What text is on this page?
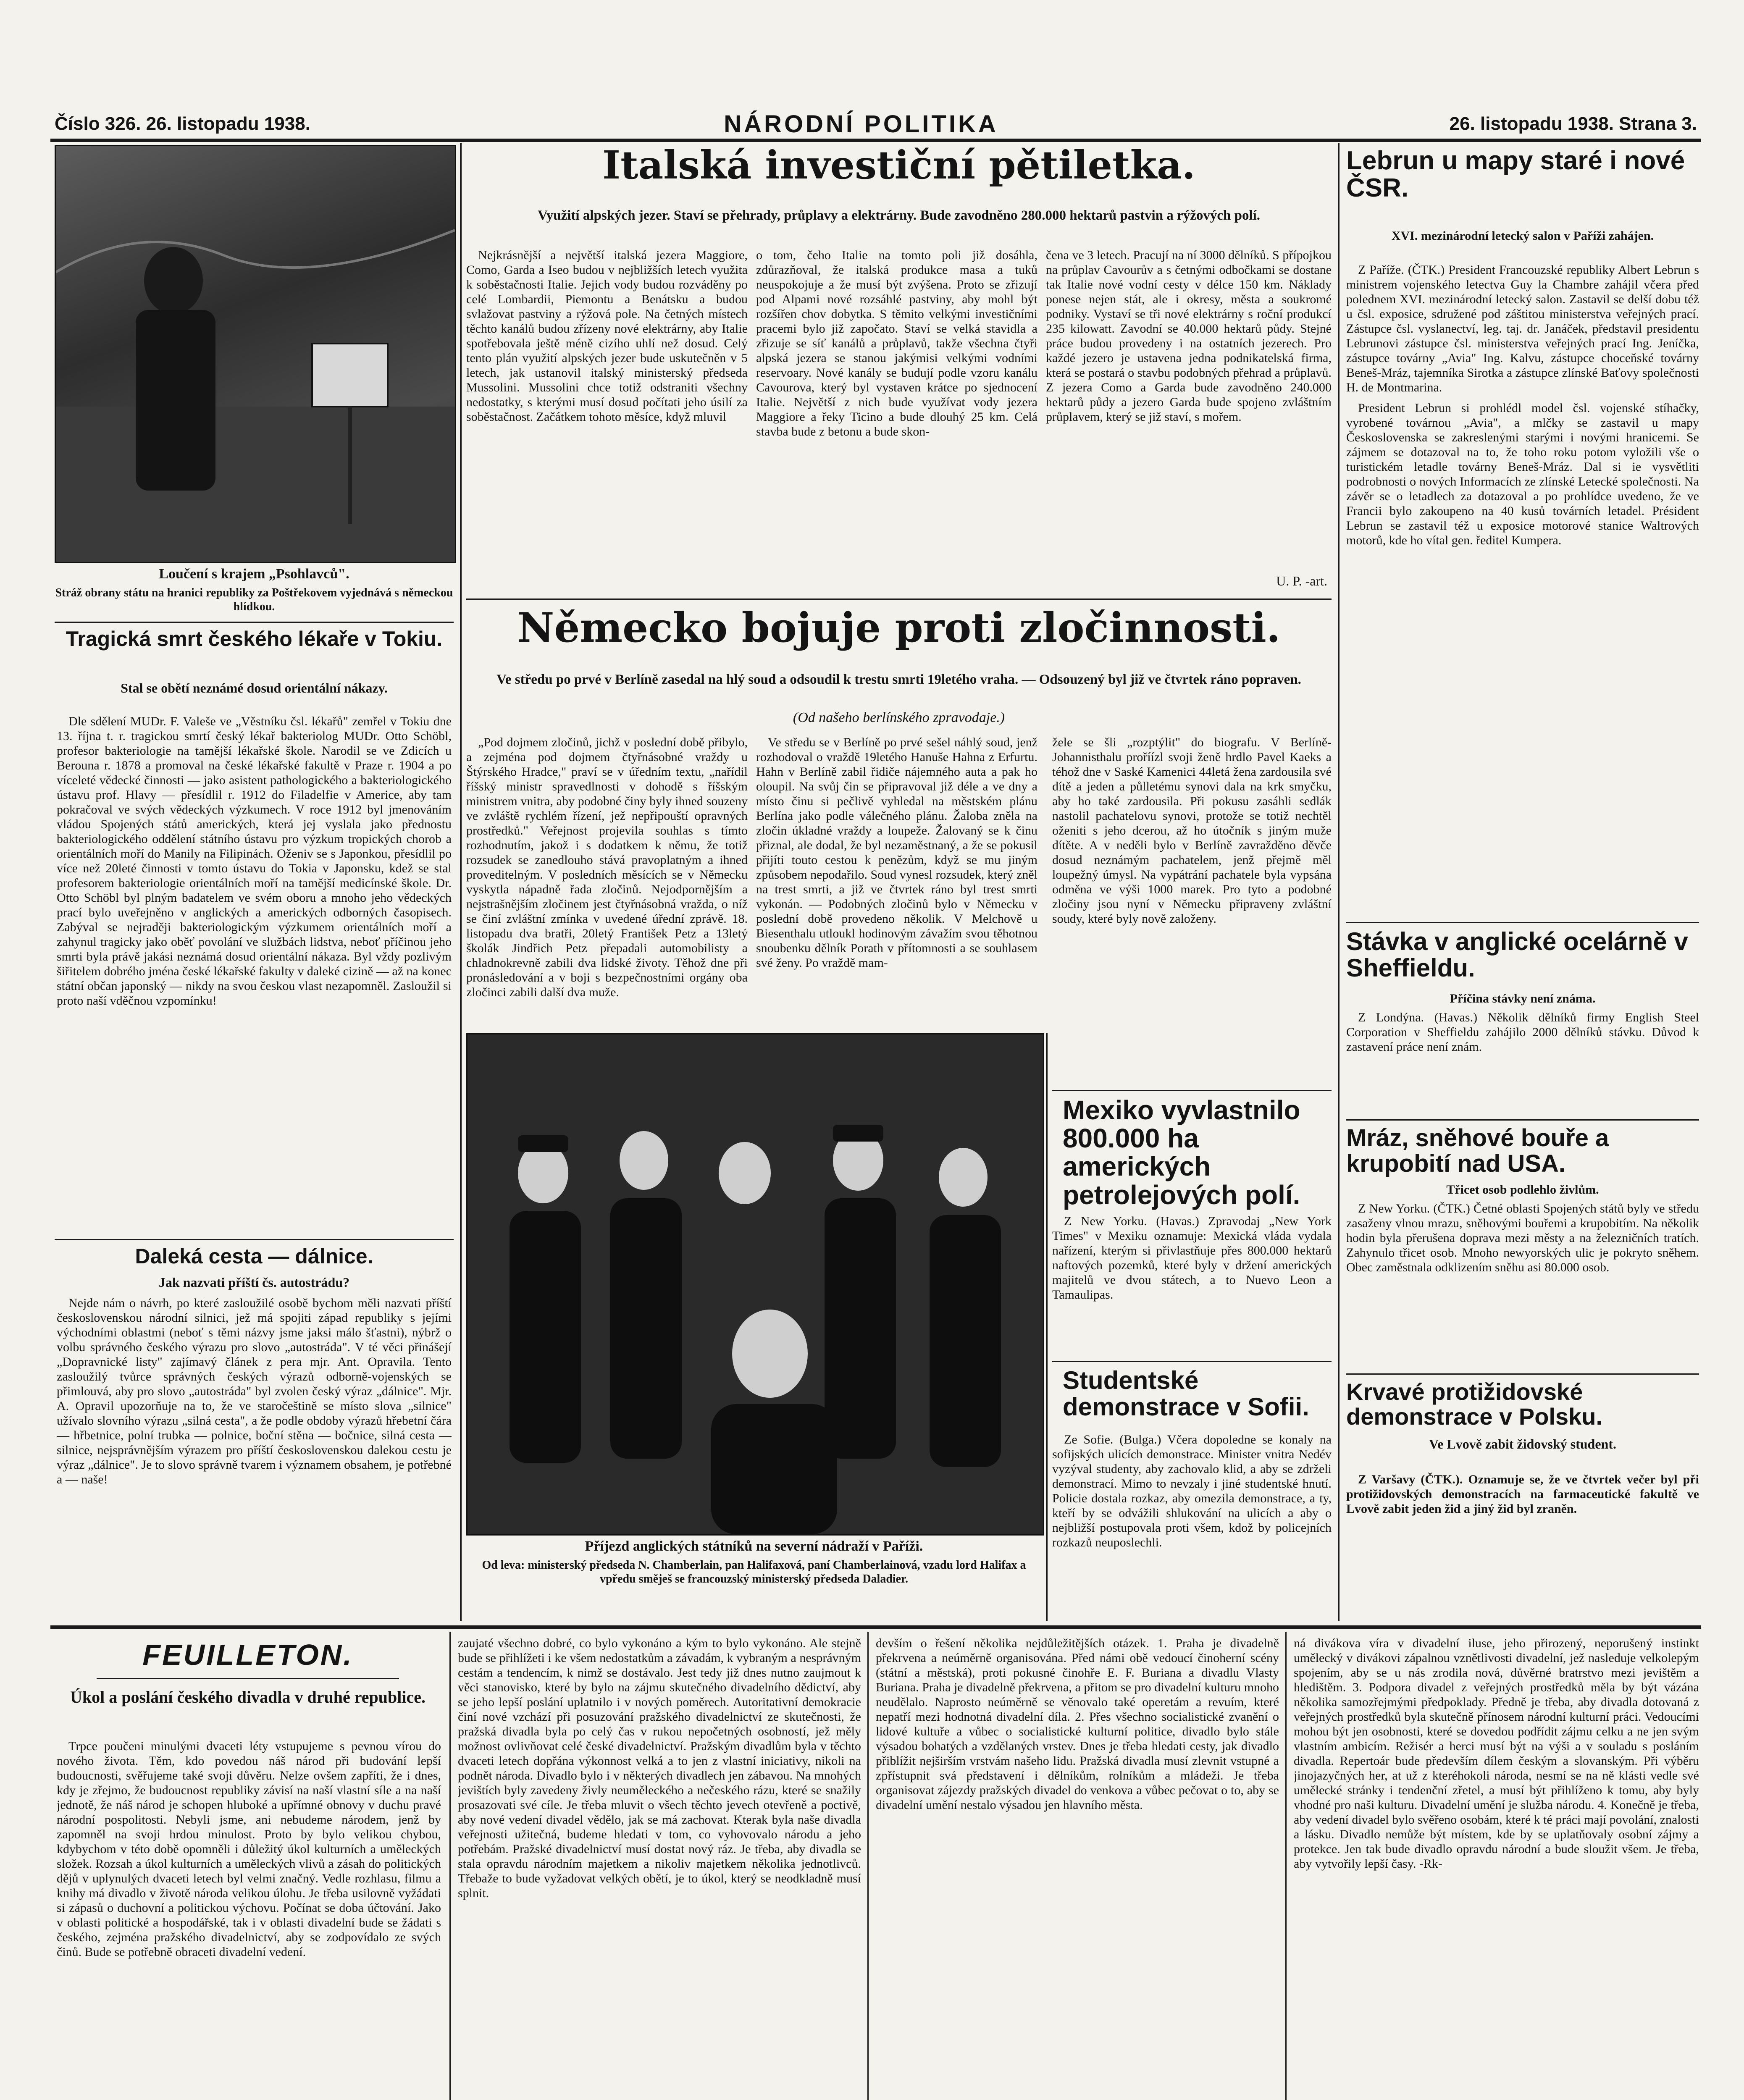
Číslo 326. 26. listopadu 1938.	NÁRODNÍ POLITIKA	26. listopadu 1938. Strana 3.

Loučení s krajem „Psohlavců".

Stráž obrany státu na hranici republiky za Poštřekovem vyjednává s německou hlídkou.

Tragická smrt českého lékaře v Tokiu.

Stal se obětí neznámé dosud orientální nákazy.

Dle sdělení MUDr. F. Valeše ve „Věstníku čsl. lékařů" zemřel v Tokiu dne 13. října t. r. tragickou smrtí český lékař bakteriolog MUDr. Otto Schöbl, profesor bakteriologie na tamější lékařské škole. Narodil se ve Zdicích u Berouna r. 1878 a promoval na české lékařské fakultě v Praze r. 1904 a po víceleté vědecké činnosti — jako asistent pathologického a bakteriologického ústavu prof. Hlavy — přesídlil r. 1912 do Filadelfie v Americe, aby tam pokračoval ve svých vědeckých výzkumech. V roce 1912 byl jmenováním vládou Spojených států amerických, která jej vyslala jako přednostu bakteriologického oddělení státního ústavu pro výzkum tropických chorob a orientálních moří do Manily na Filipinách. Oženiv se s Japonkou, přesídlil po více než 20leté činnosti v tomto ústavu do Tokia v Japonsku, kdež se stal profesorem bakteriologie orientálních moří na tamější medicínské škole. Dr. Otto Schöbl byl plným badatelem ve svém oboru a mnoho jeho vědeckých prací bylo uveřejněno v anglických a amerických odborných časopisech. Zabýval se nejraději bakteriologickým výzkumem orientálních moří a zahynul tragicky jako oběť povolání ve službách lidstva, neboť příčinou jeho smrti byla právě jakási neznámá dosud orientální nákaza. Byl vždy pozlivým šiřitelem dobrého jména české lékařské fakulty v daleké cizině — až na konec státní občan japonský — nikdy na svou českou vlast nezapomněl. Zasloužil si proto naší vděčnou vzpomínku!

Daleká cesta — dálnice.

Jak nazvati příští čs. autostrádu?

Nejde nám o návrh, po které zasloužilé osobě bychom měli nazvati příští československou národní silnici, jež má spojiti západ republiky s jejími východními oblastmi (neboť s těmi názvy jsme jaksi málo šťastni), nýbrž o volbu správného českého výrazu pro slovo „autostráda". V té věci přinášejí „Dopravnické listy" zajímavý článek z pera mjr. Ant. Opravila. Tento zasloužilý tvůrce správných českých výrazů odborně-vojenských se přimlouvá, aby pro slovo „autostráda" byl zvolen český výraz „dálnice". Mjr. A. Opravil upozorňuje na to, že ve staročeštině se místo slova „silnice" užívalo slovního výrazu „silná cesta", a že podle obdoby výrazů hřebetní čára — hřbetnice, polní trubka — polnice, boční stěna — bočnice, silná cesta — silnice, nejsprávnějším výrazem pro příští československou dalekou cestu je výraz „dálnice". Je to slovo správně tvarem i významem obsahem, je potřebné a — naše!

Italská investiční pětiletka.

Využití alpských jezer. Staví se přehrady, průplavy a elektrárny. Bude zavodněno 280.000 hektarů pastvin a rýžových polí.

Nejkrásnější a největší italská jezera Maggiore, Como, Garda a Iseo budou v nejbližších letech využita k soběstačnosti Italie. Jejich vody budou rozváděny po celé Lombardii, Piemontu a Benátsku a budou svlažovat pastviny a rýžová pole. Na četných místech těchto kanálů budou zřízeny nové elektrárny, aby Italie spotřebovala ještě méně cizího uhlí než dosud. Celý tento plán využití alpských jezer bude uskutečněn v 5 letech, jak ustanovil italský ministerský předseda Mussolini. Mussolini chce totiž odstraniti všechny nedostatky, s kterými musí dosud počítati jeho úsilí za soběstačnost. Začátkem tohoto měsíce, když mluvil

o tom, čeho Italie na tomto poli již dosáhla, zdůrazňoval, že italská produkce masa a tuků neuspokojuje a že musí být zvýšena. Proto se zřizují pod Alpami nové rozsáhlé pastviny, aby mohl být rozšířen chov dobytka. S těmito velkými investičními pracemi bylo již započato. Staví se velká stavidla a zřizuje se síť kanálů a průplavů, takže všechna čtyři alpská jezera se stanou jakýmisi velkými vodními reservoary. Nové kanály se budují podle vzoru kanálu Cavourova, který byl vystaven krátce po sjednocení Italie. Největší z nich bude využívat vody jezera Maggiore a řeky Ticino a bude dlouhý 25 km. Celá stavba bude z betonu a bude skon-

čena ve 3 letech. Pracují na ní 3000 dělníků. S přípojkou na průplav Cavourův a s četnými odbočkami se dostane tak Italie nové vodní cesty v délce 150 km. Náklady ponese nejen stát, ale i okresy, města a soukromé podniky. Vystaví se tři nové elektrárny s roční produkcí 235 kilowatt. Zavodní se 40.000 hektarů půdy. Stejné práce budou provedeny i na ostatních jezerech. Pro každé jezero je ustavena jedna podnikatelská firma, která se postará o stavbu podobných přehrad a průplavů. Z jezera Como a Garda bude zavodněno 240.000 hektarů půdy a jezero Garda bude spojeno zvláštním průplavem, který se již staví, s mořem.

U. P. -art.
Německo bojuje proti zločinnosti.

Ve středu po prvé v Berlíně zasedal na hlý soud a odsoudil k trestu smrti 19letého vraha. — Odsouzený byl již ve čtvrtek ráno popraven.

(Od našeho berlínského zpravodaje.)

„Pod dojmem zločinů, jichž v poslední době přibylo, a zejména pod dojmem čtyřnásobné vraždy u Štýrského Hradce," praví se v úředním textu, „nařídil říšský ministr spravedlnosti v dohodě s říšským ministrem vnitra, aby podobné činy byly ihned souzeny ve zvláště rychlém řízení, jež nepřipouští opravných prostředků." Veřejnost projevila souhlas s tímto rozhodnutím, jakož i s dodatkem k němu, že totiž rozsudek se zanedlouho stává pravoplatným a ihned proveditelným. V posledních měsících se v Německu vyskytla nápadně řada zločinů. Nejodpornějším a nejstrašnějším zločinem jest čtyřnásobná vražda, o níž se činí zvláštní zmínka v uvedené úřední zprávě. 18. listopadu dva bratři, 20letý František Petz a 13letý školák Jindřich Petz přepadali automobilisty a chladnokrevně zabili dva lidské životy. Těhož dne při pronásledování a v boji s bezpečnostními orgány oba zločinci zabili další dva muže.

Ve středu se v Berlíně po prvé sešel náhlý soud, jenž rozhodoval o vraždě 19letého Hanuše Hahna z Erfurtu. Hahn v Berlíně zabil řidiče nájemného auta a pak ho oloupil. Na svůj čin se připravoval již déle a ve dny a místo činu si pečlivě vyhledal na městském plánu Berlína jako podle válečného plánu. Žaloba zněla na zločin úkladné vraždy a loupeže. Žalovaný se k činu přiznal, ale dodal, že byl nezaměstnaný, a že se pokusil přijíti touto cestou k penězům, když se mu jiným způsobem nepodařilo. Soud vynesl rozsudek, který zněl na trest smrti, a již ve čtvrtek ráno byl trest smrti vykonán. — Podobných zločinů bylo v Německu v poslední době provedeno několik. V Melchově u Biesenthalu utloukl hodinovým závažím svou těhotnou snoubenku dělník Porath v přítomnosti a se souhlasem své ženy. Po vraždě mam-

žele se šli „rozptýlit" do biografu. V Berlíně-Johannisthalu proříízl svoji ženě hrdlo Pavel Kaeks a téhož dne v Saské Kamenici 44letá žena zardousila své dítě a jeden a půlletému synovi dala na krk smyčku, aby ho také zardousila. Při pokusu zasáhli sedlák nastolil pachatelovu synovi, protože se totiž nechtěl oženiti s jeho dcerou, až ho útočník s jiným muže dítěte. A v neděli bylo v Berlíně zavražděno děvče dosud neznámým pachatelem, jenž přejmě měl loupežný úmysl. Na vypátrání pachatele byla vypsána odměna ve výši 1000 marek. Pro tyto a podobné zločiny jsou nyní v Německu připraveny zvláštní soudy, které byly nově založeny.

Příjezd anglických státníků na severní nádraží v Paříži.

Od leva: ministerský předseda N. Chamberlain, pan Halifaxová, paní Chamberlainová, vzadu lord Halifax a vpředu směješ se francouzský ministerský předseda Daladier.

Mexiko vyvlastnilo 800.000 ha amerických petrolejových polí.

Z New Yorku. (Havas.) Zpravodaj „New York Times" v Mexiku oznamuje: Mexická vláda vydala nařízení, kterým si přivlastňuje přes 800.000 hektarů naftových pozemků, které byly v držení amerických majitelů ve dvou státech, a to Nuevo Leon a Tamaulipas.

Studentské demonstrace v Sofii.

Ze Sofie. (Bulga.) Včera dopoledne se konaly na sofijských ulicích demonstrace. Minister vnitra Nedév vyzýval studenty, aby zachovalo klid, a aby se zdrželi demonstrací. Mimo to nevzaly i jiné studentské hnutí. Policie dostala rozkaz, aby omezila demonstrace, a ty, kteří by se odvážili shlukování na ulicích a aby o nejbližší postupovala proti všem, kdož by policejních rozkazů neuposlechli.

Lebrun u mapy staré i nové ČSR.

XVI. mezinárodní letecký salon v Paříži zahájen.

Z Paříže. (ČTK.) President Francouzské republiky Albert Lebrun s ministrem vojenského letectva Guy la Chambre zahájil včera před polednem XVI. mezinárodní letecký salon. Zastavil se delší dobu též u čsl. exposice, sdružené pod záštitou ministerstva veřejných prací. Zástupce čsl. vyslanectví, leg. taj. dr. Janáček, představil presidentu Lebrunovi zástupce čsl. ministerstva veřejných prací Ing. Jeníčka, zástupce továrny „Avia" Ing. Kalvu, zástupce choceňské továrny Beneš-Mráz, tajemníka Sirotka a zástupce zlínské Baťovy společnosti H. de Montmarina.

President Lebrun si prohlédl model čsl. vojenské stíhačky, vyrobené továrnou „Avia", a mlčky se zastavil u mapy Československa se zakreslenými starými i novými hranicemi. Se zájmem se dotazoval na to, že toho roku potom vyložili vše o turistickém letadle továrny Beneš-Mráz. Dal si ie vysvětliti podrobnosti o nových Informacích ze zlínské Letecké společnosti. Na závěr se o letadlech za dotazoval a po prohlídce uvedeno, že ve Francii bylo zakoupeno na 40 kusů továrních letadel. Président Lebrun se zastavil též u exposice motorové stanice Waltrových motorů, kde ho vítal gen. ředitel Kumpera.

Stávka v anglické ocelárně v Sheffieldu.

Příčina stávky není známa.

Z Londýna. (Havas.) Několik dělníků firmy English Steel Corporation v Sheffieldu zahájilo 2000 dělníků stávku. Důvod k zastavení práce není znám.

Mráz, sněhové bouře a krupobití nad USA.

Třicet osob podlehlo živlům.

Z New Yorku. (ČTK.) Četné oblasti Spojených států byly ve středu zasaženy vlnou mrazu, sněhovými bouřemi a krupobitím. Na několik hodin byla přerušena doprava mezi městy a na železničních tratích. Zahynulo třicet osob. Mnoho newyorských ulic je pokryto sněhem. Obec zaměstnala odklizením sněhu asi 80.000 osob.

Krvavé protižidovské demonstrace v Polsku.

Ve Lvově zabit židovský student.

Z Varšavy (ČTK.). Oznamuje se, že ve čtvrtek večer byl při protižidovských demonstracích na farmaceutické fakultě ve Lvově zabit jeden žid a jiný žid byl zraněn.

FEUILLETON.
Úkol a poslání českého divadla v druhé republice.

Trpce poučeni minulými dvaceti léty vstupujeme s pevnou vírou do nového života. Těm, kdo povedou náš národ při budování lepší budoucnosti, svěřujeme také svoji důvěru. Nelze ovšem zapříti, že i dnes, kdy je zřejmo, že budoucnost republiky závisí na naší vlastní síle a na naší jednotě, že náš národ je schopen hluboké a upřímné obnovy v duchu pravé národní pospolitosti. Nebyli jsme, ani nebudeme národem, jenž by zapomněl na svoji hrdou minulost. Proto by bylo velikou chybou, kdybychom v této době opomněli i důležitý úkol kulturních a uměleckých složek. Rozsah a úkol kulturních a uměleckých vlivů a zásah do politických dějů v uplynulých dvaceti letech byl velmi značný. Vedle rozhlasu, filmu a knihy má divadlo v životě národa velikou úlohu. Je třeba usilovně vyžádati si zápasů o duchovní a politickou výchovu. Počínat se doba účtování. Jako v oblasti politické a hospodářské, tak i v oblasti divadelní bude se žádati s českého, zejména pražského divadelnictví, aby se zodpovídalo ze svých činů. Bude se potřebně obraceti divadelní vedení.

zaujaté všechno dobré, co bylo vykonáno a kým to bylo vykonáno. Ale stejně bude se přihlížeti i ke všem nedostatkům a závadám, k vybraným a nesprávným cestám a tendencím, k nimž se dostávalo. Jest tedy již dnes nutno zaujmout k věci stanovisko, které by bylo na zájmu skutečného divadelního dědictví, aby se jeho lepší poslání uplatnilo i v nových poměrech. Autoritativní demokracie činí nové vzchází při posuzování pražského divadelnictví ze skutečnosti, že pražská divadla byla po celý čas v rukou nepočetných osobností, jež měly možnost ovlivňovat celé české divadelnictví. Pražským divadlům byla v těchto dvaceti letech dopřána výkonnost velká a to jen z vlastní iniciativy, nikoli na podnět národa. Divadlo bylo i v některých divadlech jen zábavou. Na mnohých jevištích byly zavedeny živly neuměleckého a nečeského rázu, které se snažily prosazovati své cíle. Je třeba mluvit o všech těchto jevech otevřeně a poctivě, aby nové vedení divadel vědělo, jak se má zachovat. Kterak byla naše divadla veřejnosti užitečná, budeme hledati v tom, co vyhovovalo národu a jeho potřebám. Pražské divadelnictví musí dostat nový ráz. Je třeba, aby divadla se stala opravdu národním majetkem a nikoliv majetkem několika jednotlivců. Třebaže to bude vyžadovat velkých obětí, je to úkol, který se neodkladně musí splnit.

devším o řešení několika nejdůležitějších otázek. 1. Praha je divadelně překrvena a neúměrně organisována. Před námi obě vedoucí činoherní scény (státní a městská), proti pokusné činohře E. F. Buriana a divadlu Vlasty Buriana. Praha je divadelně překrvena, a přitom se pro divadelní kulturu mnoho neudělalo. Naprosto neúměrně se věnovalo také operetám a revuím, které nepatří mezi hodnotná divadelní díla. 2. Přes všechno socialistické zvanění o lidové kultuře a vůbec o socialistické kulturní politice, divadlo bylo stále výsadou bohatých a vzdělaných vrstev. Dnes je třeba hledati cesty, jak divadlo přiblížit nejširším vrstvám našeho lidu. Pražská divadla musí zlevnit vstupné a zpřístupnit svá představení i dělníkům, rolníkům a mládeži. Je třeba organisovat zájezdy pražských divadel do venkova a vůbec pečovat o to, aby se divadelní umění nestalo výsadou jen hlavního města.

ná divákova víra v divadelní iluse, jeho přirozený, neporušený instinkt umělecký v divákovi zápalnou vznětlivosti divadelní, jež nasleduje velkolepým spojením, aby se u nás zrodila nová, důvěrné bratrstvo mezi jevištěm a hledištěm. 3. Podpora divadel z veřejných prostředků měla by být vázána několika samozřejmými předpoklady. Předně je třeba, aby divadla dotovaná z veřejných prostředků byla skutečně přínosem národní kulturní práci. Vedoucími mohou být jen osobnosti, které se dovedou podřídit zájmu celku a ne jen svým vlastním ambicím. Režisér a herci musí být na výši a v souladu s posláním divadla. Repertoár bude především dílem českým a slovanským. Při výběru jinojazyčných her, at už z kteréhokoli národa, nesmí se na ně klásti vedle své umělecké stránky i tendenční zřetel, a musí být přihlíženo k tomu, aby byly vhodné pro naši kulturu. Divadelní umění je služba národu. 4. Konečně je třeba, aby vedení divadel bylo svěřeno osobám, které k té práci mají povolání, znalosti a lásku. Divadlo nemůže být místem, kde by se uplatňovaly osobní zájmy a protekce. Jen tak bude divadlo opravdu národní a bude sloužit všem. Je třeba, aby vytvořily lepší časy. -Rk-
